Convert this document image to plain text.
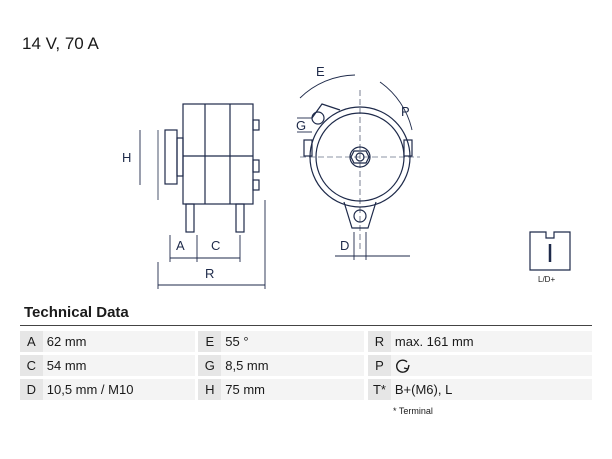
14 V, 70 A
H
A C
R
E
G
P
D
L/D+
Technical Data
A	62 mm		E	55 °		R	max. 161 mm
C	54 mm		G	8,5 mm		P	
D	10,5 mm / M10		H	75 mm		T*	B+(M6), L
* Terminal
